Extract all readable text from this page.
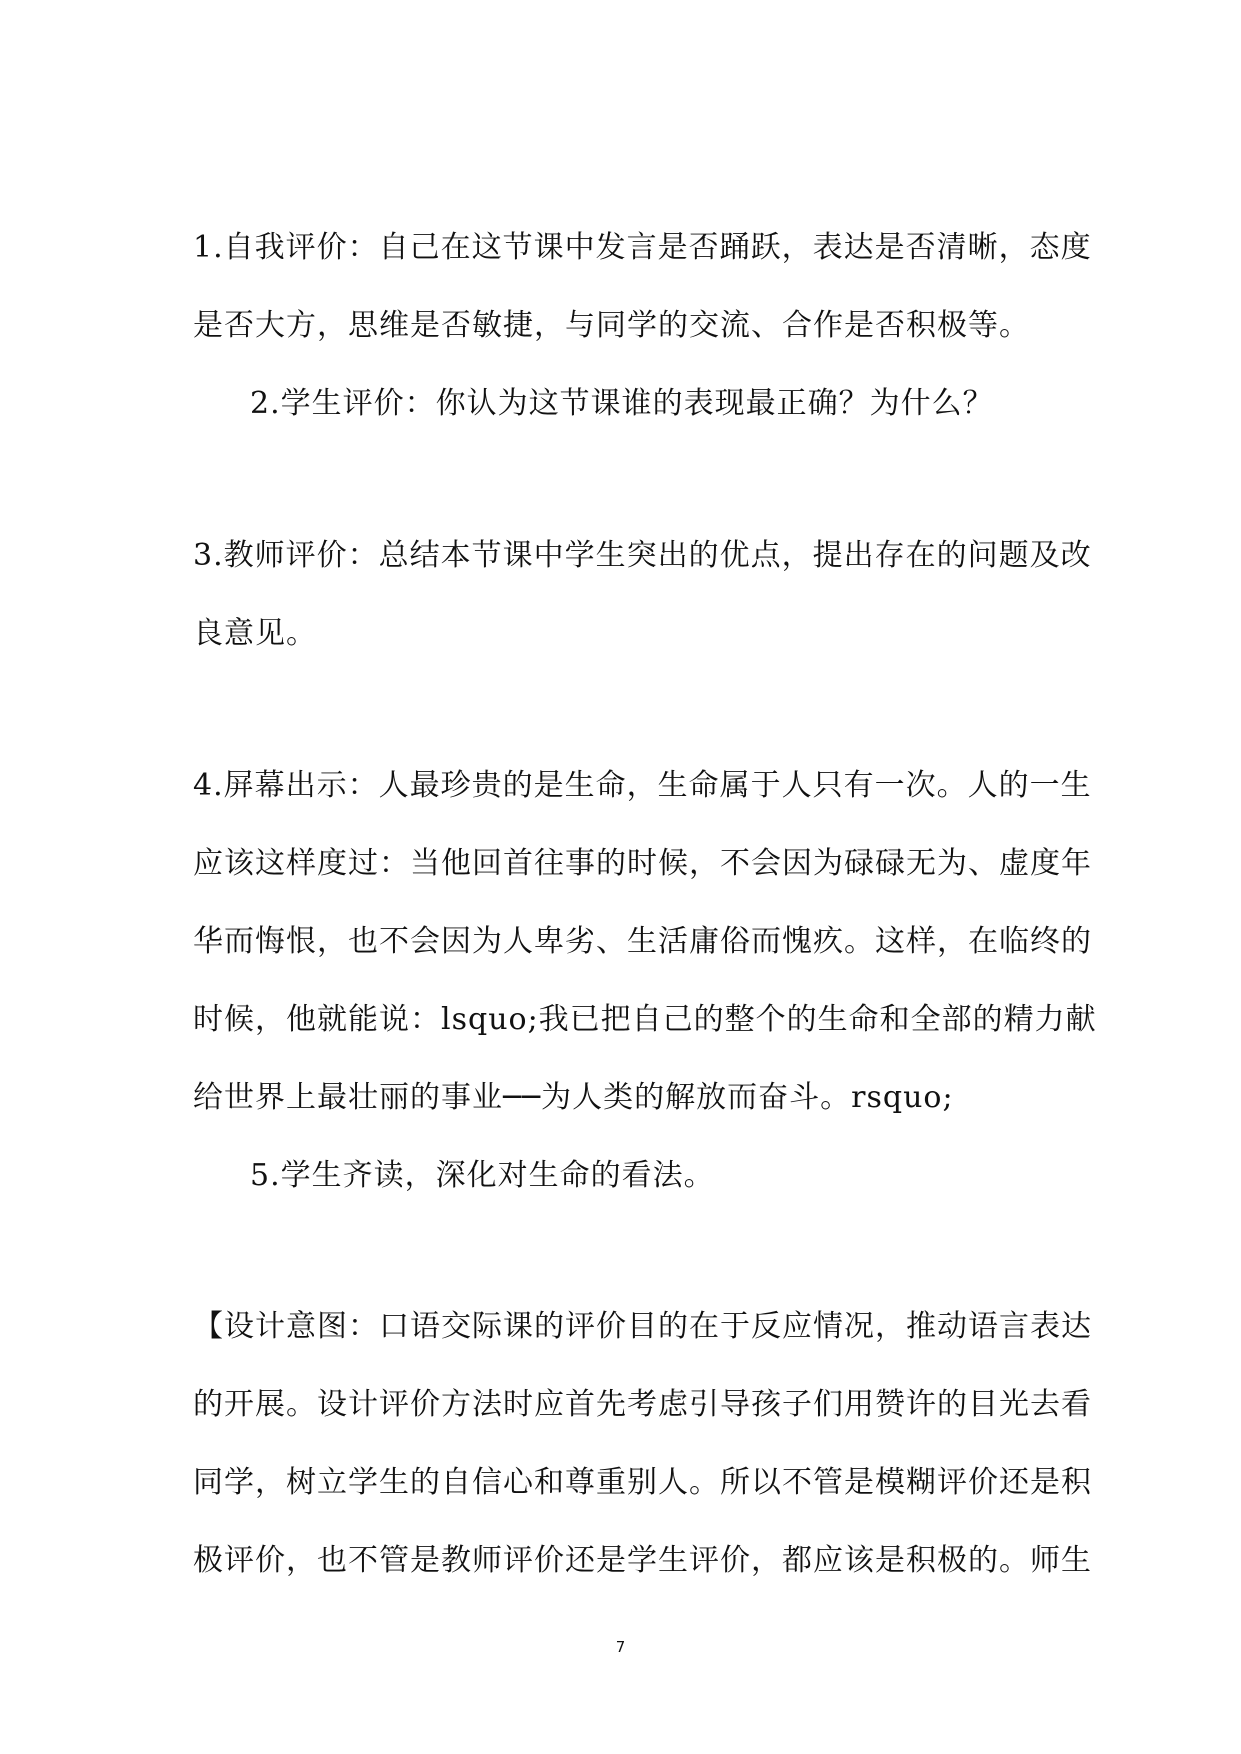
1.自我评价：自己在这节课中发言是否踊跃，表达是否清晰，态度
是否大方，思维是否敏捷，与同学的交流、合作是否积极等。
2.学生评价：你认为这节课谁的表现最正确？为什么？
3.教师评价：总结本节课中学生突出的优点，提出存在的问题及改
良意见。
4.屏幕出示：人最珍贵的是生命，生命属于人只有一次。人的一生
应该这样度过：当他回首往事的时候，不会因为碌碌无为、虚度年
华而悔恨，也不会因为人卑劣、生活庸俗而愧疚。这样，在临终的
时候，他就能说：lsquo;我已把自己的整个的生命和全部的精力献
给世界上最壮丽的事业──为人类的解放而奋斗。rsquo;
5.学生齐读，深化对生命的看法。
【设计意图：口语交际课的评价目的在于反应情况，推动语言表达
的开展。设计评价方法时应首先考虑引导孩子们用赞许的目光去看
同学，树立学生的自信心和尊重别人。所以不管是模糊评价还是积
极评价，也不管是教师评价还是学生评价，都应该是积极的。师生
7
